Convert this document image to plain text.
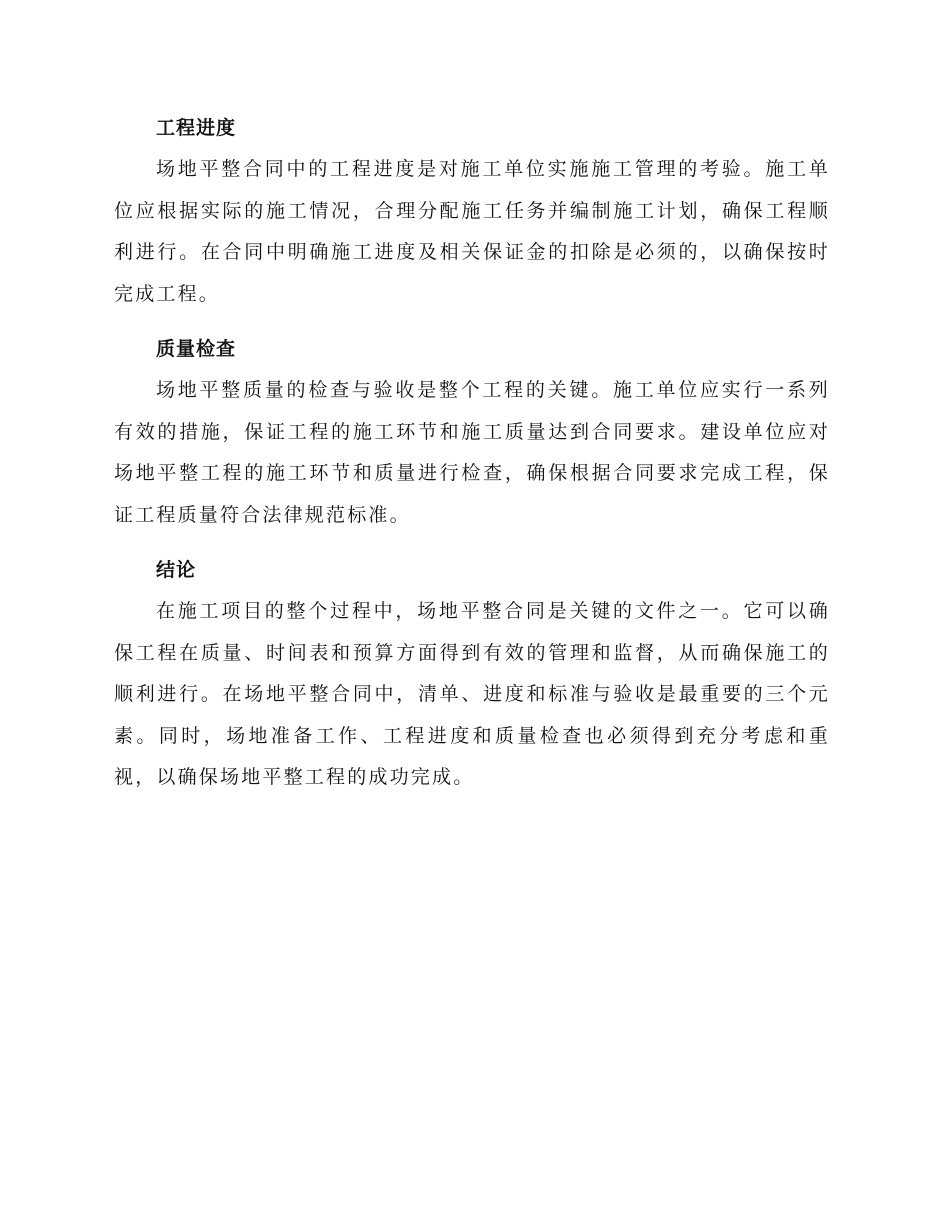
工程进度

场地平整合同中的工程进度是对施工单位实施施工管理的考验。施工单位应根据实际的施工情况，合理分配施工任务并编制施工计划，确保工程顺利进行。在合同中明确施工进度及相关保证金的扣除是必须的，以确保按时完成工程。

质量检查

场地平整质量的检查与验收是整个工程的关键。施工单位应实行一系列有效的措施，保证工程的施工环节和施工质量达到合同要求。建设单位应对场地平整工程的施工环节和质量进行检查，确保根据合同要求完成工程，保证工程质量符合法律规范标准。

结论

在施工项目的整个过程中，场地平整合同是关键的文件之一。它可以确保工程在质量、时间表和预算方面得到有效的管理和监督，从而确保施工的顺利进行。在场地平整合同中，清单、进度和标准与验收是最重要的三个元素。同时，场地准备工作、工程进度和质量检查也必须得到充分考虑和重视，以确保场地平整工程的成功完成。
